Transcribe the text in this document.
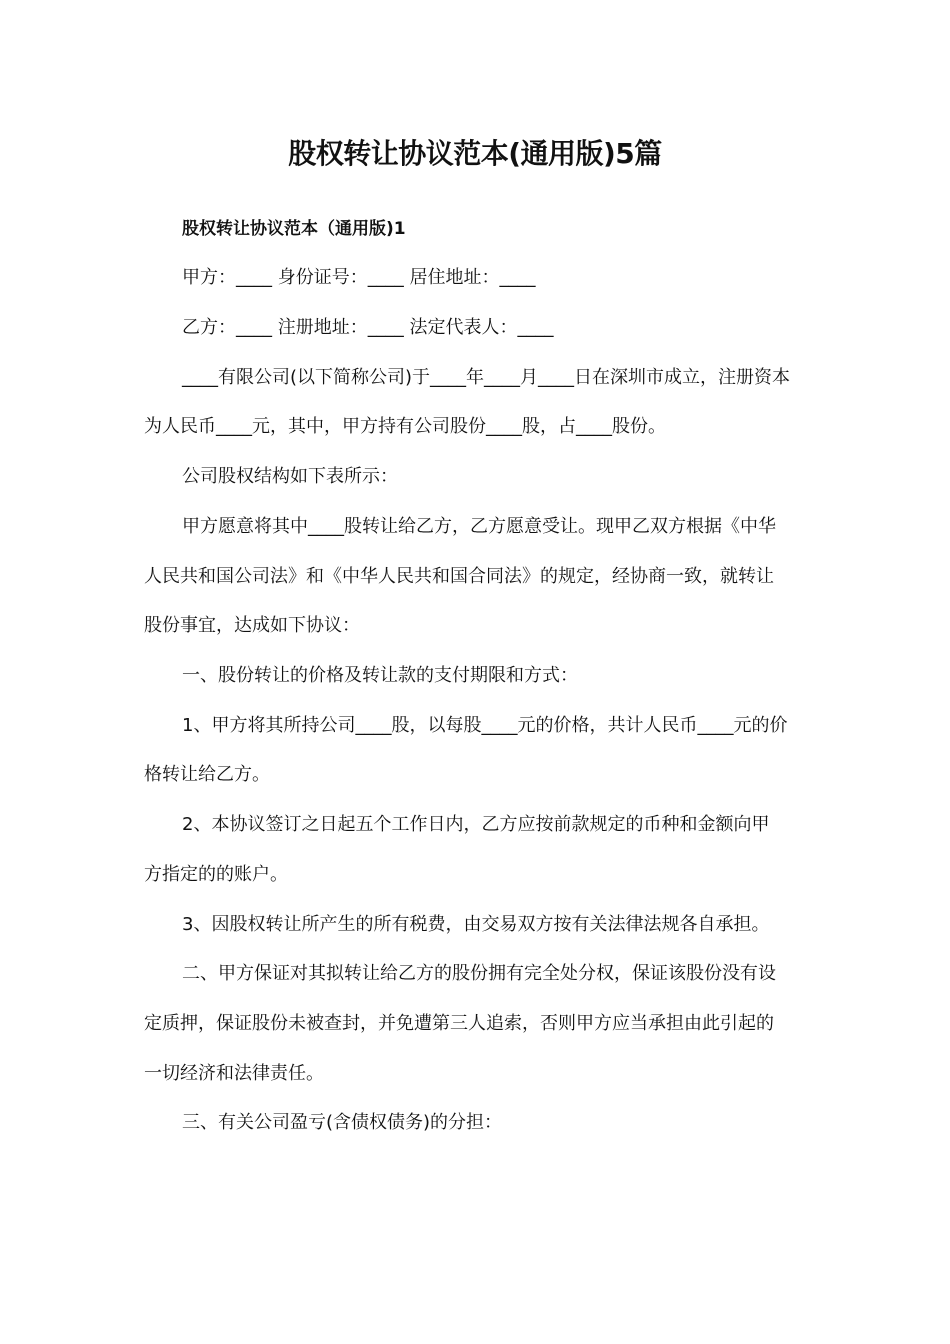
股权转让协议范本(通用版)5篇
股权转让协议范本（通用版)1
甲方：____ 身份证号：____ 居住地址：____
乙方：____ 注册地址：____ 法定代表人：____
____有限公司(以下简称公司)于____年____月____日在深圳市成立，注册资本
为人民币____元，其中，甲方持有公司股份____股，占____股份。
公司股权结构如下表所示：
甲方愿意将其中____股转让给乙方，乙方愿意受让。现甲乙双方根据《中华
人民共和国公司法》和《中华人民共和国合同法》的规定，经协商一致，就转让
股份事宜，达成如下协议：
一、股份转让的价格及转让款的支付期限和方式：
1、甲方将其所持公司____股，以每股____元的价格，共计人民币____元的价
格转让给乙方。
2、本协议签订之日起五个工作日内，乙方应按前款规定的币种和金额向甲
方指定的的账户。
3、因股权转让所产生的所有税费，由交易双方按有关法律法规各自承担。
二、甲方保证对其拟转让给乙方的股份拥有完全处分权，保证该股份没有设
定质押，保证股份未被查封，并免遭第三人追索，否则甲方应当承担由此引起的
一切经济和法律责任。
三、有关公司盈亏(含债权债务)的分担：
